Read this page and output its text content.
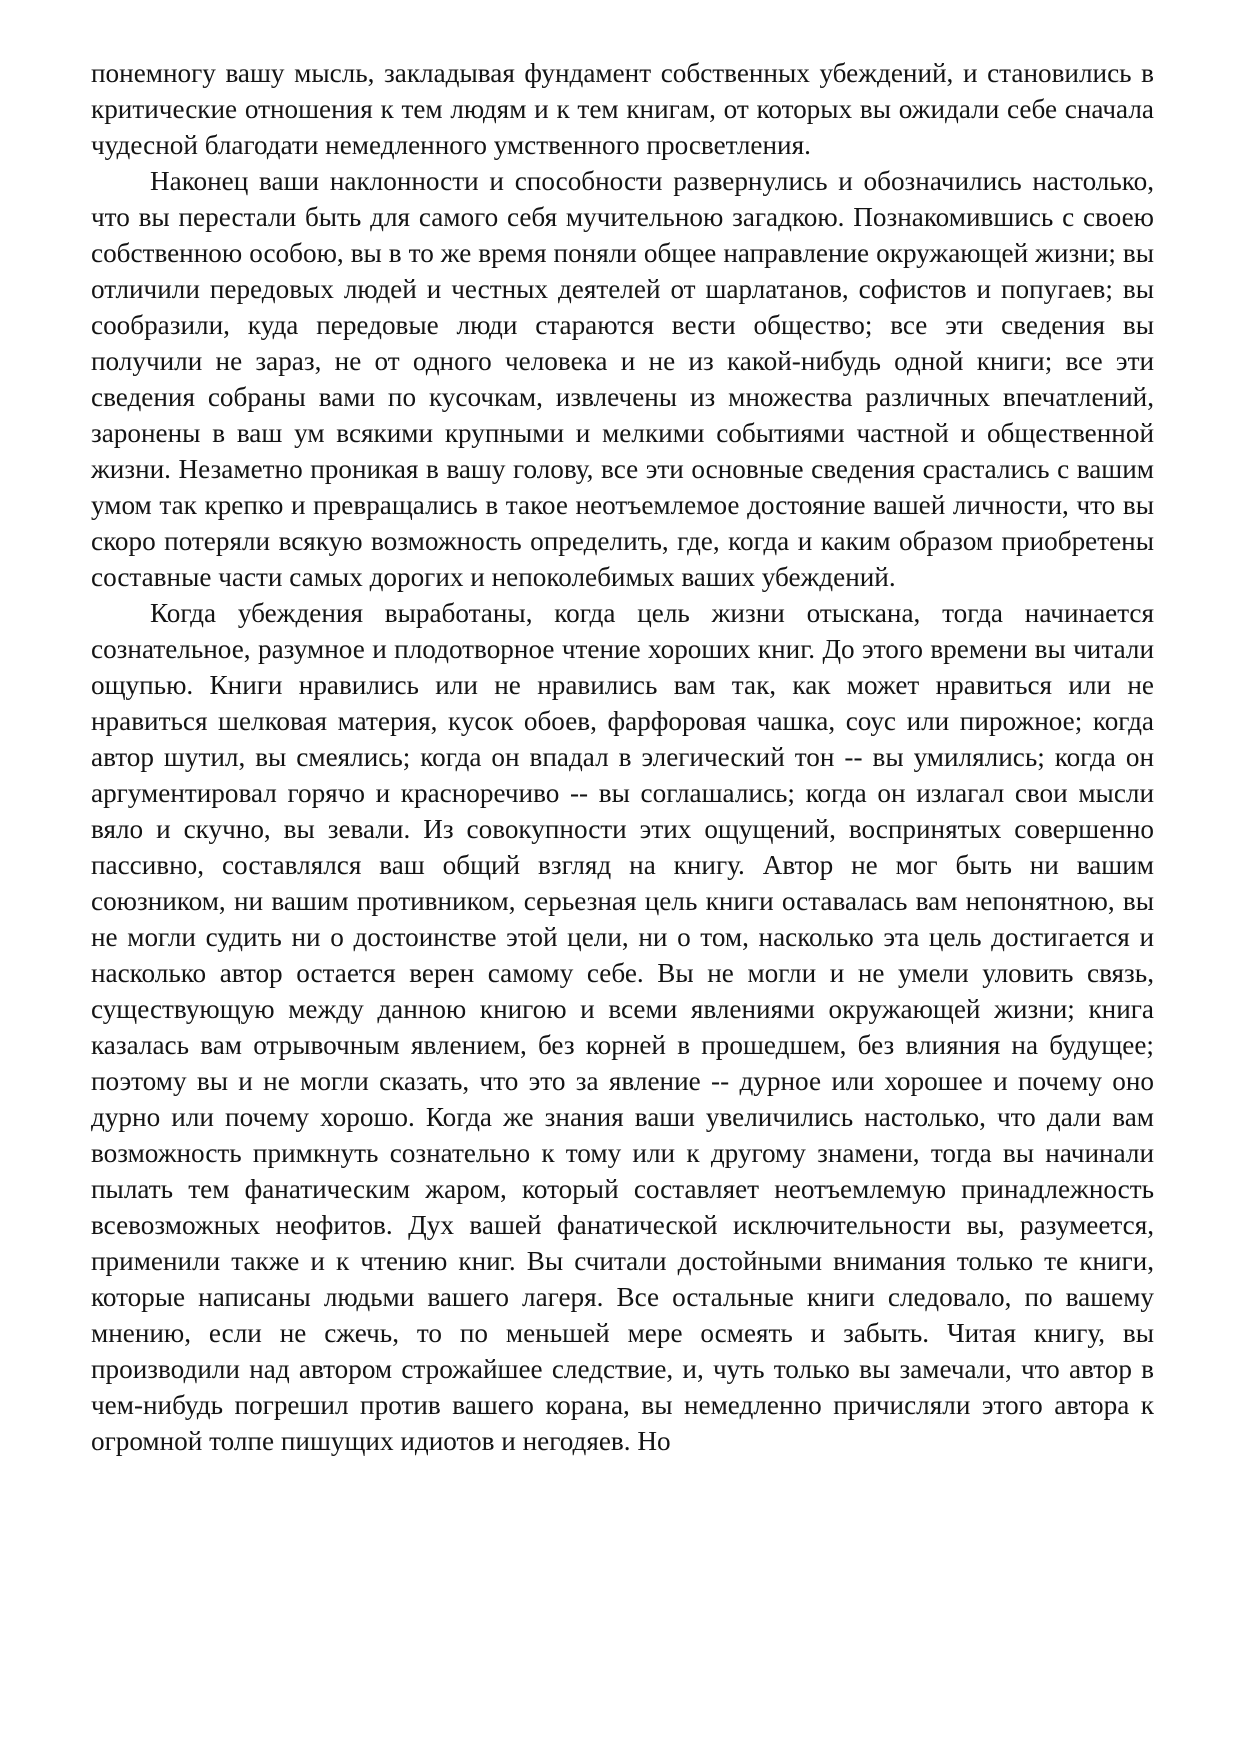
понемногу вашу мысль, закладывая фундамент собственных убеждений, и становились в критические отношения к тем людям и к тем книгам, от которых вы ожидали себе сначала чудесной благодати немедленного умственного просветления.

Наконец ваши наклонности и способности развернулись и обозначились настолько, что вы перестали быть для самого себя мучительною загадкою. Познакомившись с своею собственною особою, вы в то же время поняли общее направление окружающей жизни; вы отличили передовых людей и честных деятелей от шарлатанов, софистов и попугаев; вы сообразили, куда передовые люди стараются вести общество; все эти сведения вы получили не зараз, не от одного человека и не из какой-нибудь одной книги; все эти сведения собраны вами по кусочкам, извлечены из множества различных впечатлений, заронены в ваш ум всякими крупными и мелкими событиями частной и общественной жизни. Незаметно проникая в вашу голову, все эти основные сведения срастались с вашим умом так крепко и превращались в такое неотъемлемое достояние вашей личности, что вы скоро потеряли всякую возможность определить, где, когда и каким образом приобретены составные части самых дорогих и непоколебимых ваших убеждений.

Когда убеждения выработаны, когда цель жизни отыскана, тогда начинается сознательное, разумное и плодотворное чтение хороших книг. До этого времени вы читали ощупью. Книги нравились или не нравились вам так, как может нравиться или не нравиться шелковая материя, кусок обоев, фарфоровая чашка, соус или пирожное; когда автор шутил, вы смеялись; когда он впадал в элегический тон -- вы умилялись; когда он аргументировал горячо и красноречиво -- вы соглашались; когда он излагал свои мысли вяло и скучно, вы зевали. Из совокупности этих ощущений, воспринятых совершенно пассивно, составлялся ваш общий взгляд на книгу. Автор не мог быть ни вашим союзником, ни вашим противником, серьезная цель книги оставалась вам непонятною, вы не могли судить ни о достоинстве этой цели, ни о том, насколько эта цель достигается и насколько автор остается верен самому себе. Вы не могли и не умели уловить связь, существующую между данною книгою и всеми явлениями окружающей жизни; книга казалась вам отрывочным явлением, без корней в прошедшем, без влияния на будущее; поэтому вы и не могли сказать, что это за явление -- дурное или хорошее и почему оно дурно или почему хорошо. Когда же знания ваши увеличились настолько, что дали вам возможность примкнуть сознательно к тому или к другому знамени, тогда вы начинали пылать тем фанатическим жаром, который составляет неотъемлемую принадлежность всевозможных неофитов. Дух вашей фанатической исключительности вы, разумеется, применили также и к чтению книг. Вы считали достойными внимания только те книги, которые написаны людьми вашего лагеря. Все остальные книги следовало, по вашему мнению, если не сжечь, то по меньшей мере осмеять и забыть. Читая книгу, вы производили над автором строжайшее следствие, и, чуть только вы замечали, что автор в чем-нибудь погрешил против вашего корана, вы немедленно причисляли этого автора к огромной толпе пишущих идиотов и негодяев. Но
